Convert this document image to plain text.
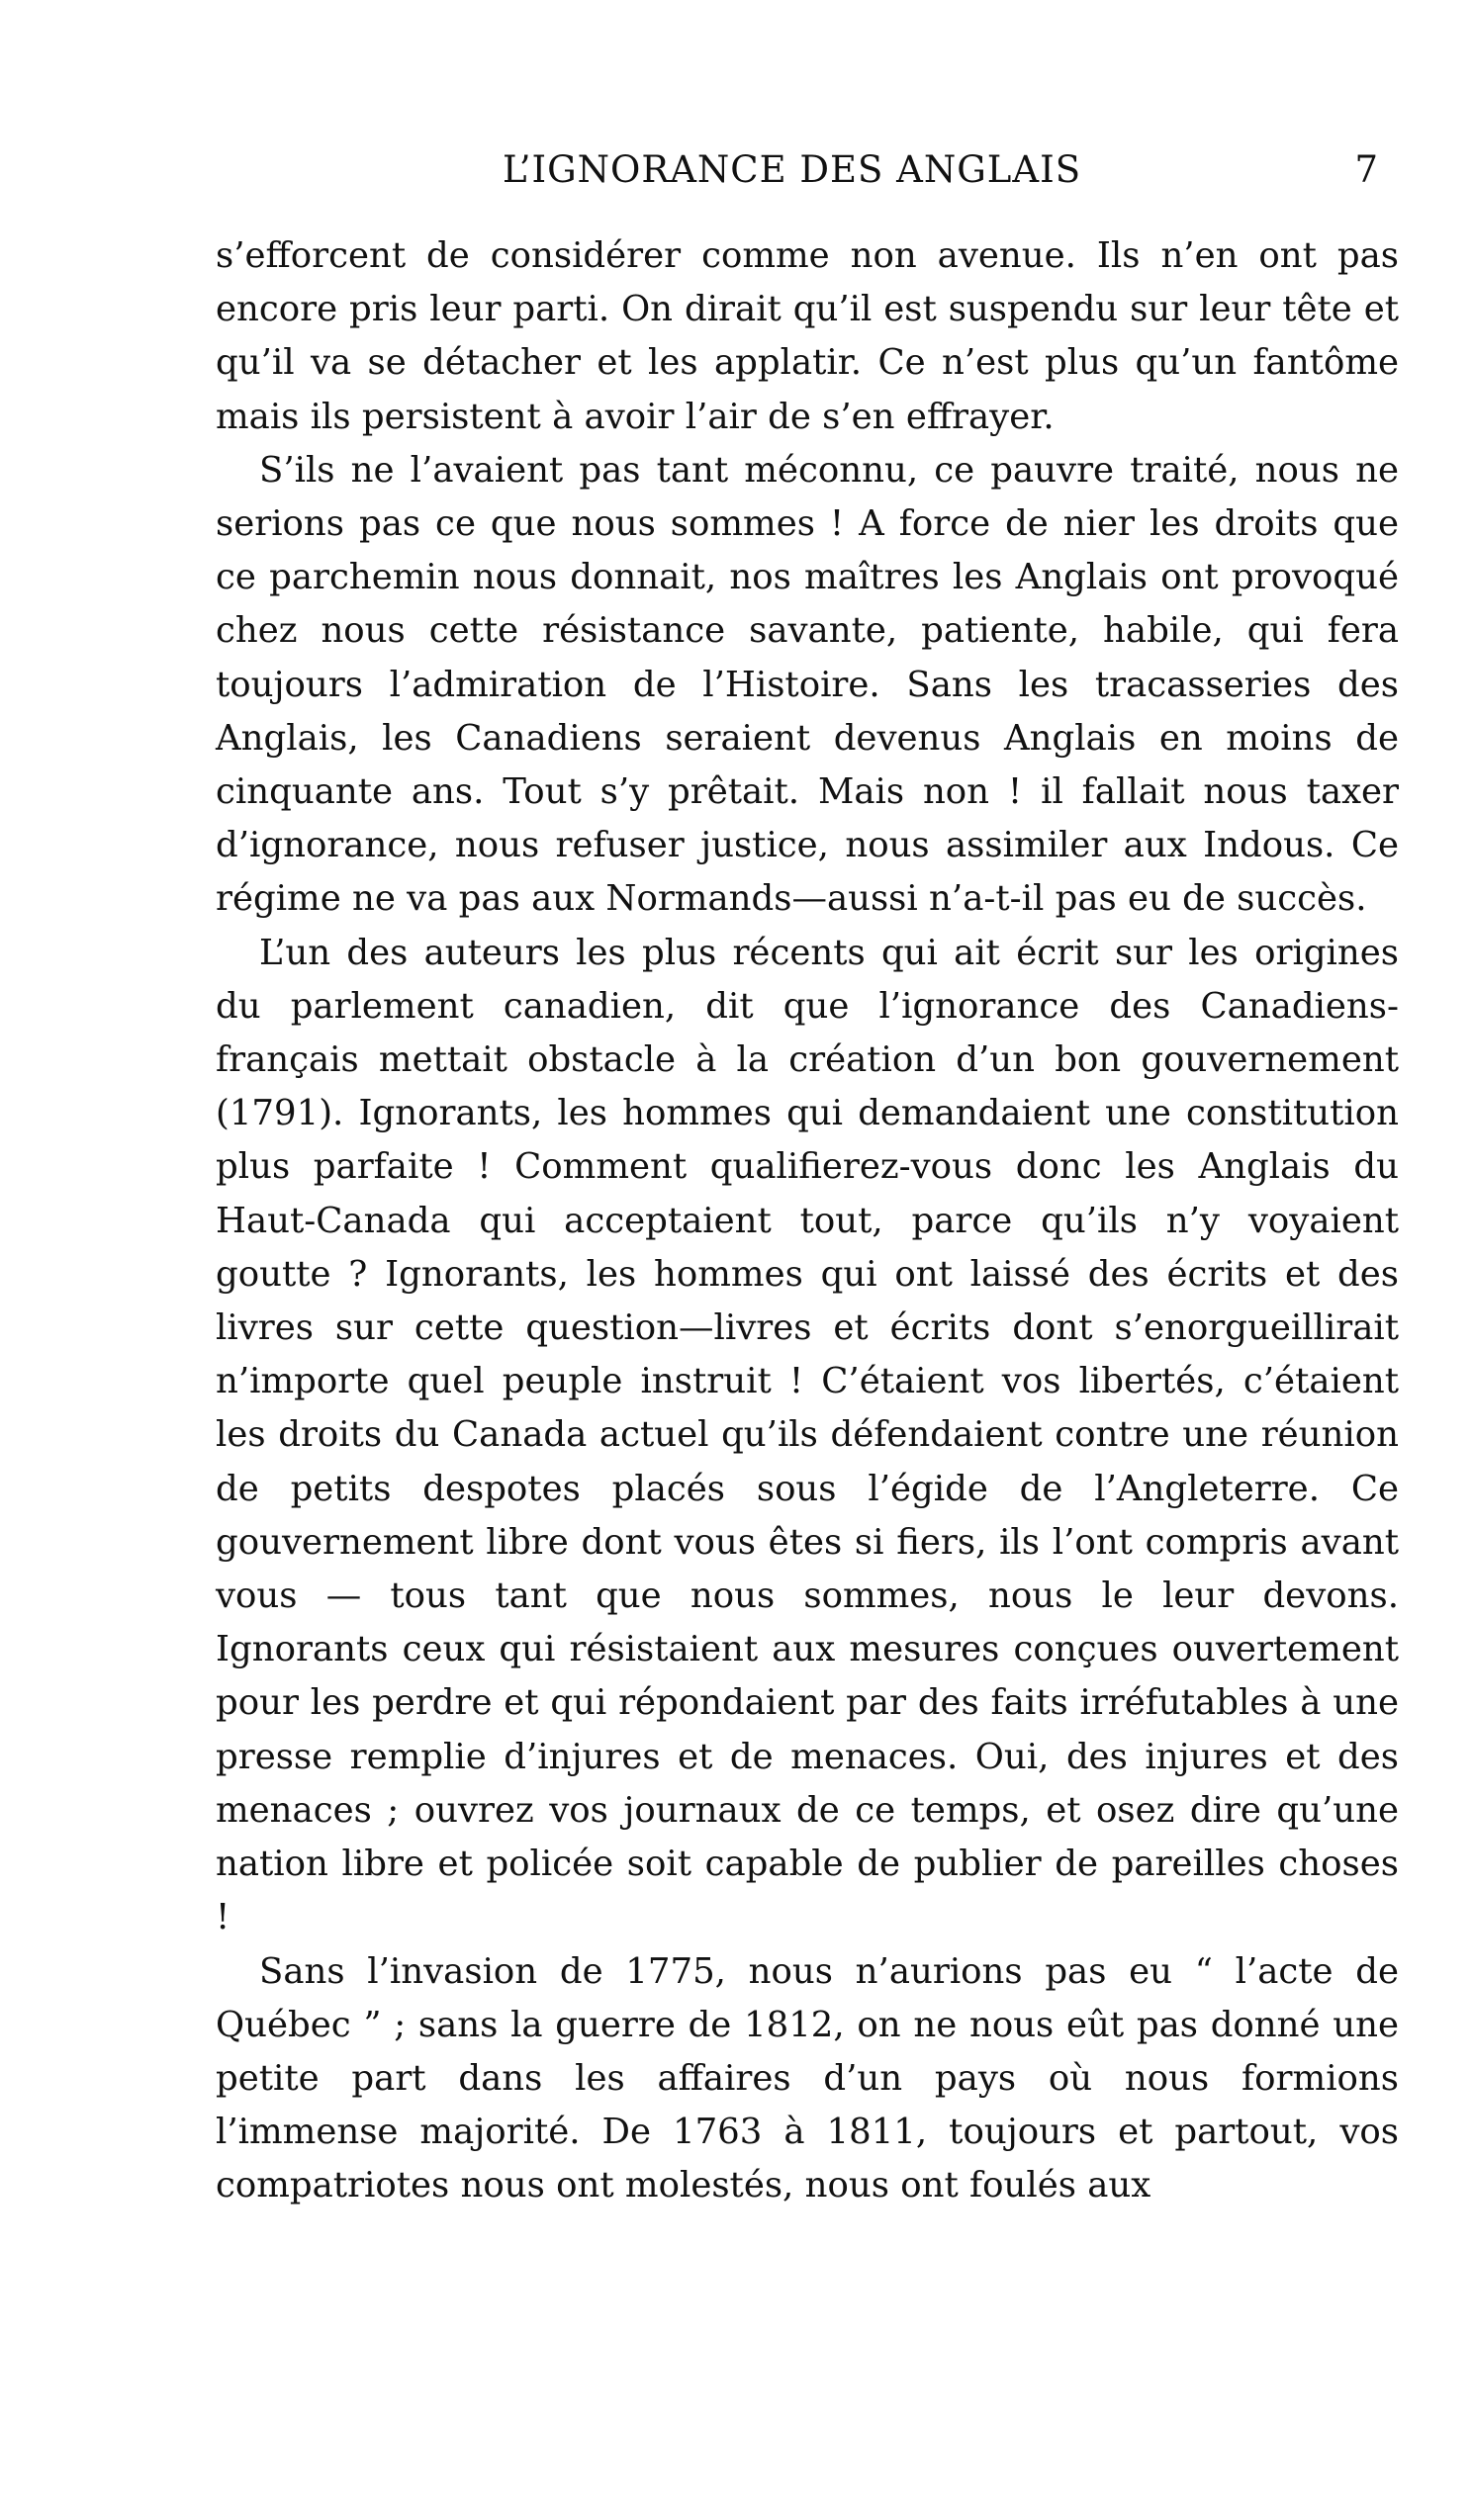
L’IGNORANCE DES ANGLAIS	7

s’efforcent de considérer comme non avenue. Ils n’en ont pas encore pris leur parti. On dirait qu’il est suspendu sur leur tête et qu’il va se détacher et les applatir. Ce n’est plus qu’un fantôme mais ils persistent à avoir l’air de s’en effrayer.

S’ils ne l’avaient pas tant méconnu, ce pauvre traité, nous ne serions pas ce que nous sommes ! A force de nier les droits que ce parchemin nous donnait, nos maîtres les Anglais ont provoqué chez nous cette résistance savante, patiente, habile, qui fera toujours l’admiration de l’Histoire. Sans les tracasseries des Anglais, les Canadiens seraient devenus Anglais en moins de cinquante ans. Tout s’y prêtait. Mais non ! il fallait nous taxer d’ignorance, nous refuser justice, nous assimiler aux Indous. Ce régime ne va pas aux Normands—aussi n’a-t-il pas eu de succès.

L’un des auteurs les plus récents qui ait écrit sur les origines du parlement canadien, dit que l’ignorance des Canadiens-français mettait obstacle à la création d’un bon gouvernement (1791). Ignorants, les hommes qui demandaient une constitution plus parfaite ! Comment qualifierez-vous donc les Anglais du Haut-Canada qui acceptaient tout, parce qu’ils n’y voyaient goutte ? Ignorants, les hommes qui ont laissé des écrits et des livres sur cette question—livres et écrits dont s’enorgueillirait n’importe quel peuple instruit ! C’étaient vos libertés, c’étaient les droits du Canada actuel qu’ils défendaient contre une réunion de petits despotes placés sous l’égide de l’Angleterre. Ce gouvernement libre dont vous êtes si fiers, ils l’ont compris avant vous — tous tant que nous sommes, nous le leur devons. Ignorants ceux qui résistaient aux mesures conçues ouvertement pour les perdre et qui répondaient par des faits irréfutables à une presse remplie d’injures et de menaces. Oui, des injures et des menaces ; ouvrez vos journaux de ce temps, et osez dire qu’une nation libre et policée soit capable de publier de pareilles choses !

Sans l’invasion de 1775, nous n’aurions pas eu “ l’acte de Québec ” ; sans la guerre de 1812, on ne nous eût pas donné une petite part dans les affaires d’un pays où nous formions l’immense majorité. De 1763 à 1811, toujours et partout, vos compatriotes nous ont molestés, nous ont foulés aux
